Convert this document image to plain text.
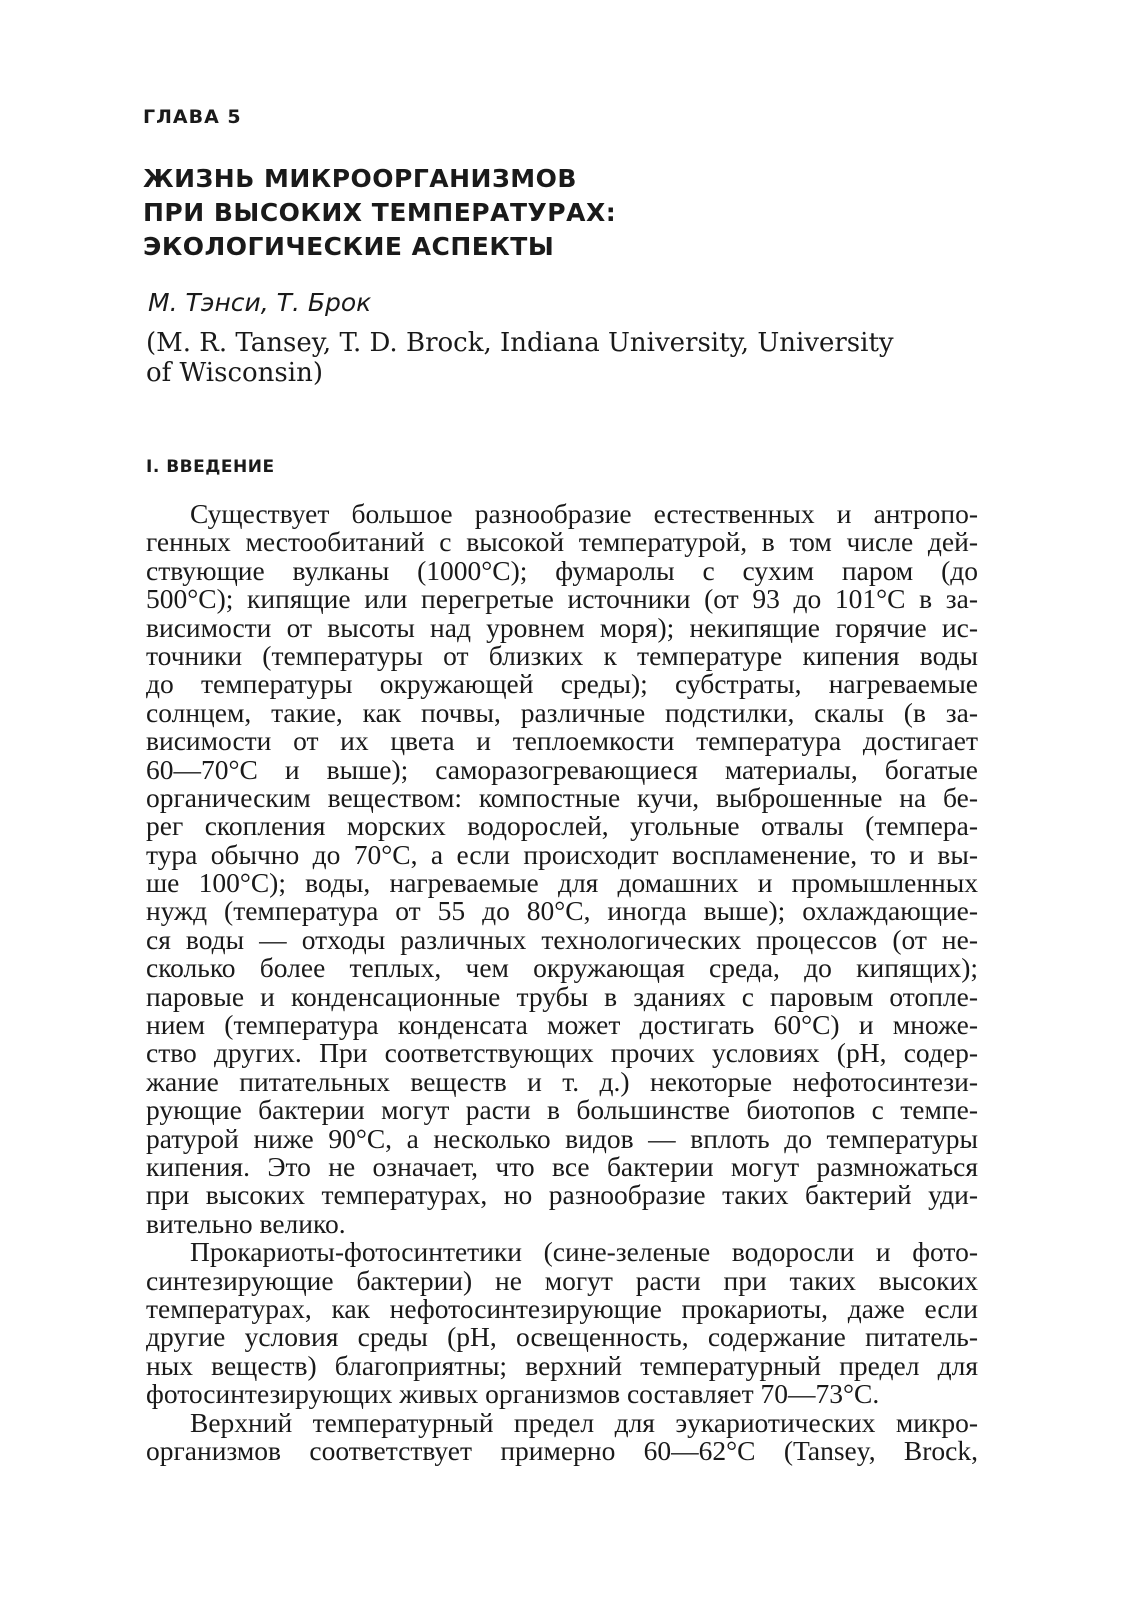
ГЛАВА 5
ЖИЗНЬ МИКРООРГАНИЗМОВ
ПРИ ВЫСОКИХ ТЕМПЕРАТУРАХ:
ЭКОЛОГИЧЕСКИЕ АСПЕКТЫ
М. Тэнси, Т. Брок
(M. R. Tansey, T. D. Brock, Indiana University, University
of Wisconsin)
I. ВВЕДЕНИЕ
Существует большое разнообразие естественных и антропо-
генных местообитаний с высокой температурой, в том числе дей-
ствующие вулканы (1000°С); фумаролы с сухим паром (до
500°С); кипящие или перегретые источники (от 93 до 101°С в за-
висимости от высоты над уровнем моря); некипящие горячие ис-
точники (температуры от близких к температуре кипения воды
до температуры окружающей среды); субстраты, нагреваемые
солнцем, такие, как почвы, различные подстилки, скалы (в за-
висимости от их цвета и теплоемкости температура достигает
60—70°С и выше); саморазогревающиеся материалы, богатые
органическим веществом: компостные кучи, выброшенные на бе-
рег скопления морских водорослей, угольные отвалы (темпера-
тура обычно до 70°С, а если происходит воспламенение, то и вы-
ше 100°С); воды, нагреваемые для домашних и промышленных
нужд (температура от 55 до 80°С, иногда выше); охлаждающие-
ся воды — отходы различных технологических процессов (от не-
сколько более теплых, чем окружающая среда, до кипящих);
паровые и конденсационные трубы в зданиях с паровым отопле-
нием (температура конденсата может достигать 60°С) и множе-
ство других. При соответствующих прочих условиях (рН, содер-
жание питательных веществ и т. д.) некоторые нефотосинтези-
рующие бактерии могут расти в большинстве биотопов с темпе-
ратурой ниже 90°С, а несколько видов — вплоть до температуры
кипения. Это не означает, что все бактерии могут размножаться
при высоких температурах, но разнообразие таких бактерий уди-
вительно велико.
Прокариоты-фотосинтетики (сине-зеленые водоросли и фото-
синтезирующие бактерии) не могут расти при таких высоких
температурах, как нефотосинтезирующие прокариоты, даже если
другие условия среды (рН, освещенность, содержание питатель-
ных веществ) благоприятны; верхний температурный предел для
фотосинтезирующих живых организмов составляет 70—73°С.
Верхний температурный предел для эукариотических микро-
организмов соответствует примерно 60—62°С (Tansey, Brock,
